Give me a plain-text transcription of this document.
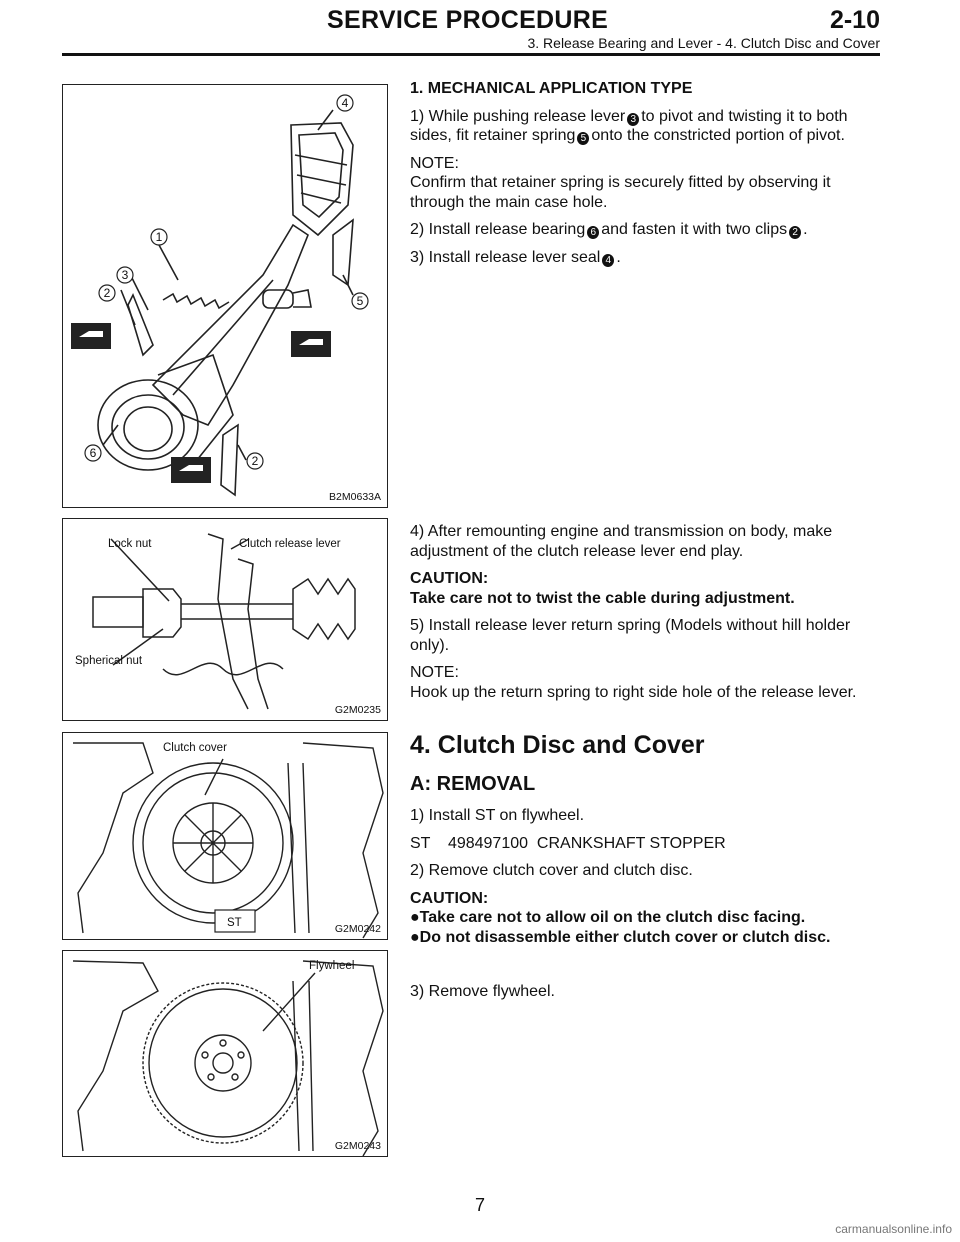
SERVICE PROCEDURE	2-10
3. Release Bearing and Lever - 4. Clutch Disc and Cover
1
3
2
4
5
6
2
B2M0633A
Lock nut	Clutch release lever
Spherical nut
G2M0235
Clutch cover
ST	G2M0242
Flywheel
G2M0243

1. MECHANICAL APPLICATION TYPE

1) While pushing release lever 3 to pivot and twisting it to both sides, fit retainer spring 5 onto the constricted portion of pivot.

NOTE:
Confirm that retainer spring is securely fitted by observing it through the main case hole.

2) Install release bearing 6 and fasten it with two clips 2 .

3) Install release lever seal 4 .

4) After remounting engine and transmission on body, make adjustment of the clutch release lever end play.

CAUTION:
Take care not to twist the cable during adjustment.

5) Install release lever return spring (Models without hill holder only).

NOTE:
Hook up the return spring to right side hole of the release lever.

4. Clutch Disc and Cover
A: REMOVAL

1) Install ST on flywheel.

ST    498497100  CRANKSHAFT STOPPER

2) Remove clutch cover and clutch disc.

CAUTION:
●Take care not to allow oil on the clutch disc facing.
●Do not disassemble either clutch cover or clutch disc.

3) Remove flywheel.

7
carmanualsonline.info
